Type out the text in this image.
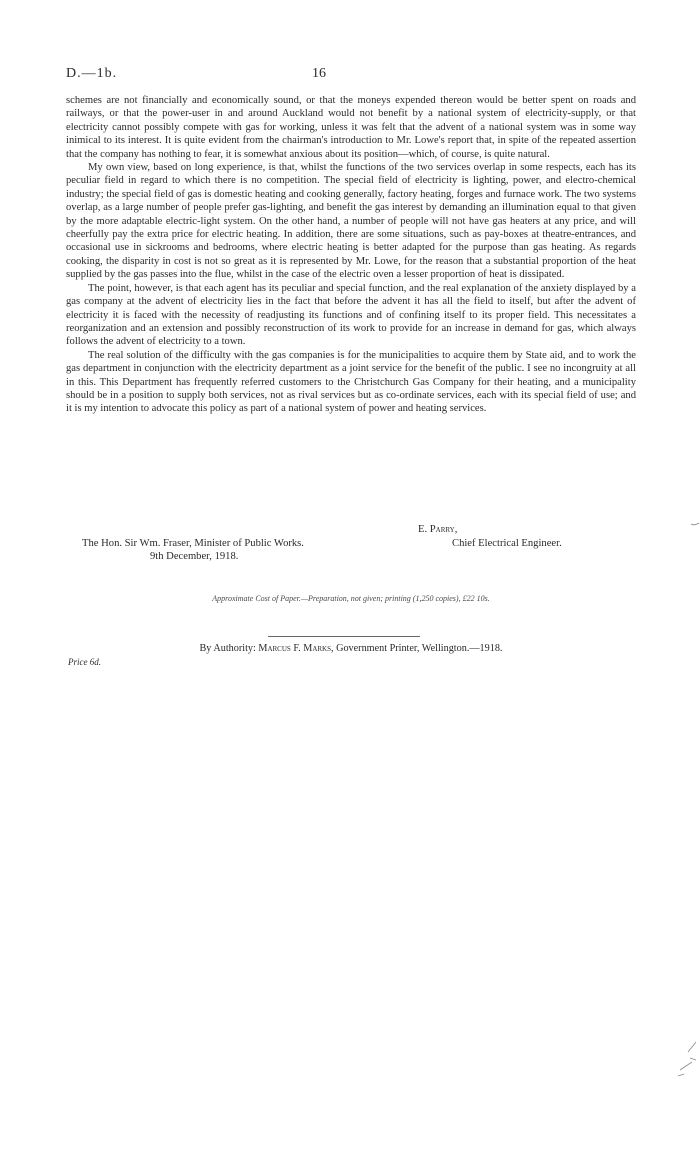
D.—1b.	16

schemes are not financially and economically sound, or that the moneys expended thereon would be better spent on roads and railways, or that the power-user in and around Auckland would not benefit by a national system of electricity-supply, or that electricity cannot possibly compete with gas for working, unless it was felt that the advent of a national system was in some way inimical to its interest. It is quite evident from the chairman's introduction to Mr. Lowe's report that, in spite of the repeated assertion that the company has nothing to fear, it is somewhat anxious about its position—which, of course, is quite natural.

My own view, based on long experience, is that, whilst the functions of the two services overlap in some respects, each has its peculiar field in regard to which there is no competition. The special field of electricity is lighting, power, and electro-chemical industry; the special field of gas is domestic heating and cooking generally, factory heating, forges and furnace work. The two systems overlap, as a large number of people prefer gas-lighting, and benefit the gas interest by demanding an illumination equal to that given by the more adaptable electric-light system. On the other hand, a number of people will not have gas heaters at any price, and will cheerfully pay the extra price for electric heating. In addition, there are some situations, such as pay-boxes at theatre-entrances, and occasional use in sickrooms and bedrooms, where electric heating is better adapted for the purpose than gas heating. As regards cooking, the disparity in cost is not so great as it is represented by Mr. Lowe, for the reason that a substantial proportion of the heat supplied by the gas passes into the flue, whilst in the case of the electric oven a lesser proportion of heat is dissipated.

The point, however, is that each agent has its peculiar and special function, and the real explanation of the anxiety displayed by a gas company at the advent of electricity lies in the fact that before the advent it has all the field to itself, but after the advent of electricity it is faced with the necessity of readjusting its functions and of confining itself to its proper field. This necessitates a reorganization and an extension and possibly reconstruction of its work to provide for an increase in demand for gas, which always follows the advent of electricity to a town.

The real solution of the difficulty with the gas companies is for the municipalities to acquire them by State aid, and to work the gas department in conjunction with the electricity department as a joint service for the benefit of the public. I see no incongruity at all in this. This Department has frequently referred customers to the Christchurch Gas Company for their heating, and a municipality should be in a position to supply both services, not as rival services but as co-ordinate services, each with its special field of use; and it is my intention to advocate this policy as part of a national system of power and heating services.

E. Parry,
Chief Electrical Engineer.
The Hon. Sir Wm. Fraser, Minister of Public Works.
9th December, 1918.
Approximate Cost of Paper.—Preparation, not given; printing (1,250 copies), £22 10s.
By Authority: Marcus F. Marks, Government Printer, Wellington.—1918.
Price 6d.
